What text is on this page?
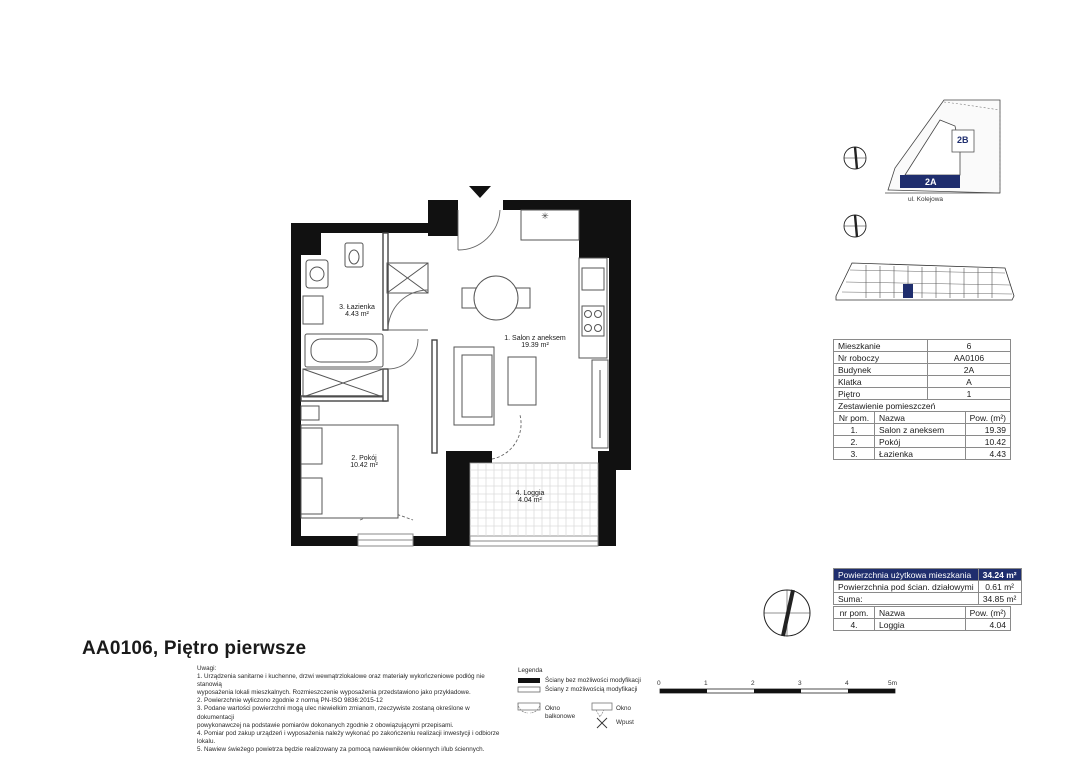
✳
3. Łazienka
4.43 m²
1. Salon z aneksem
19.39 m²
2. Pokój
10.42 m²
4. Loggia
4.04 m²
2B
2A
ul. Kolejowa
Mieszkanie	6
Nr roboczy	AA0106
Budynek	2A
Klatka	A
Piętro	1
Zestawienie pomieszczeń		
Nr pom.	Nazwa	Pow. (m²)
1.	Salon z aneksem	19.39
2.	Pokój	10.42
3.	Łazienka	4.43
Powierzchnia użytkowa mieszkania	34.24 m²
Powierzchnia pod ścian. działowymi	0.61 m²
Suma:	34.85 m²
nr pom.	Nazwa	Pow. (m²)
4.	Loggia	4.04
AA0106, Piętro pierwsze
Uwagi:
1. Urządzenia sanitarne i kuchenne, drzwi wewnątrzlokalowe oraz materiały wykończeniowe podłóg nie stanowią
wyposażenia lokali mieszkalnych. Rozmieszczenie wyposażenia przedstawiono jako przykładowe.
2. Powierzchnie wyliczono zgodnie z normą PN-ISO 9836:2015-12
3. Podane wartości powierzchni mogą ulec niewielkim zmianom, rzeczywiste zostaną określone w dokumentacji
powykonawczej na podstawie pomiarów dokonanych zgodnie z obowiązującymi przepisami.
4. Pomiar pod zakup urządzeń i wyposażenia należy wykonać po zakończeniu realizacji inwestycji i odbiorze lokalu.
5. Nawiew świeżego powietrza będzie realizowany za pomocą nawiewników okiennych i/lub ściennych.
Legenda
Ściany bez możliwości modyfikacji
Ściany z możliwością modyfikacji
Okno balkonowe
Okno
Wpust
0	1	2	3	4	5m
